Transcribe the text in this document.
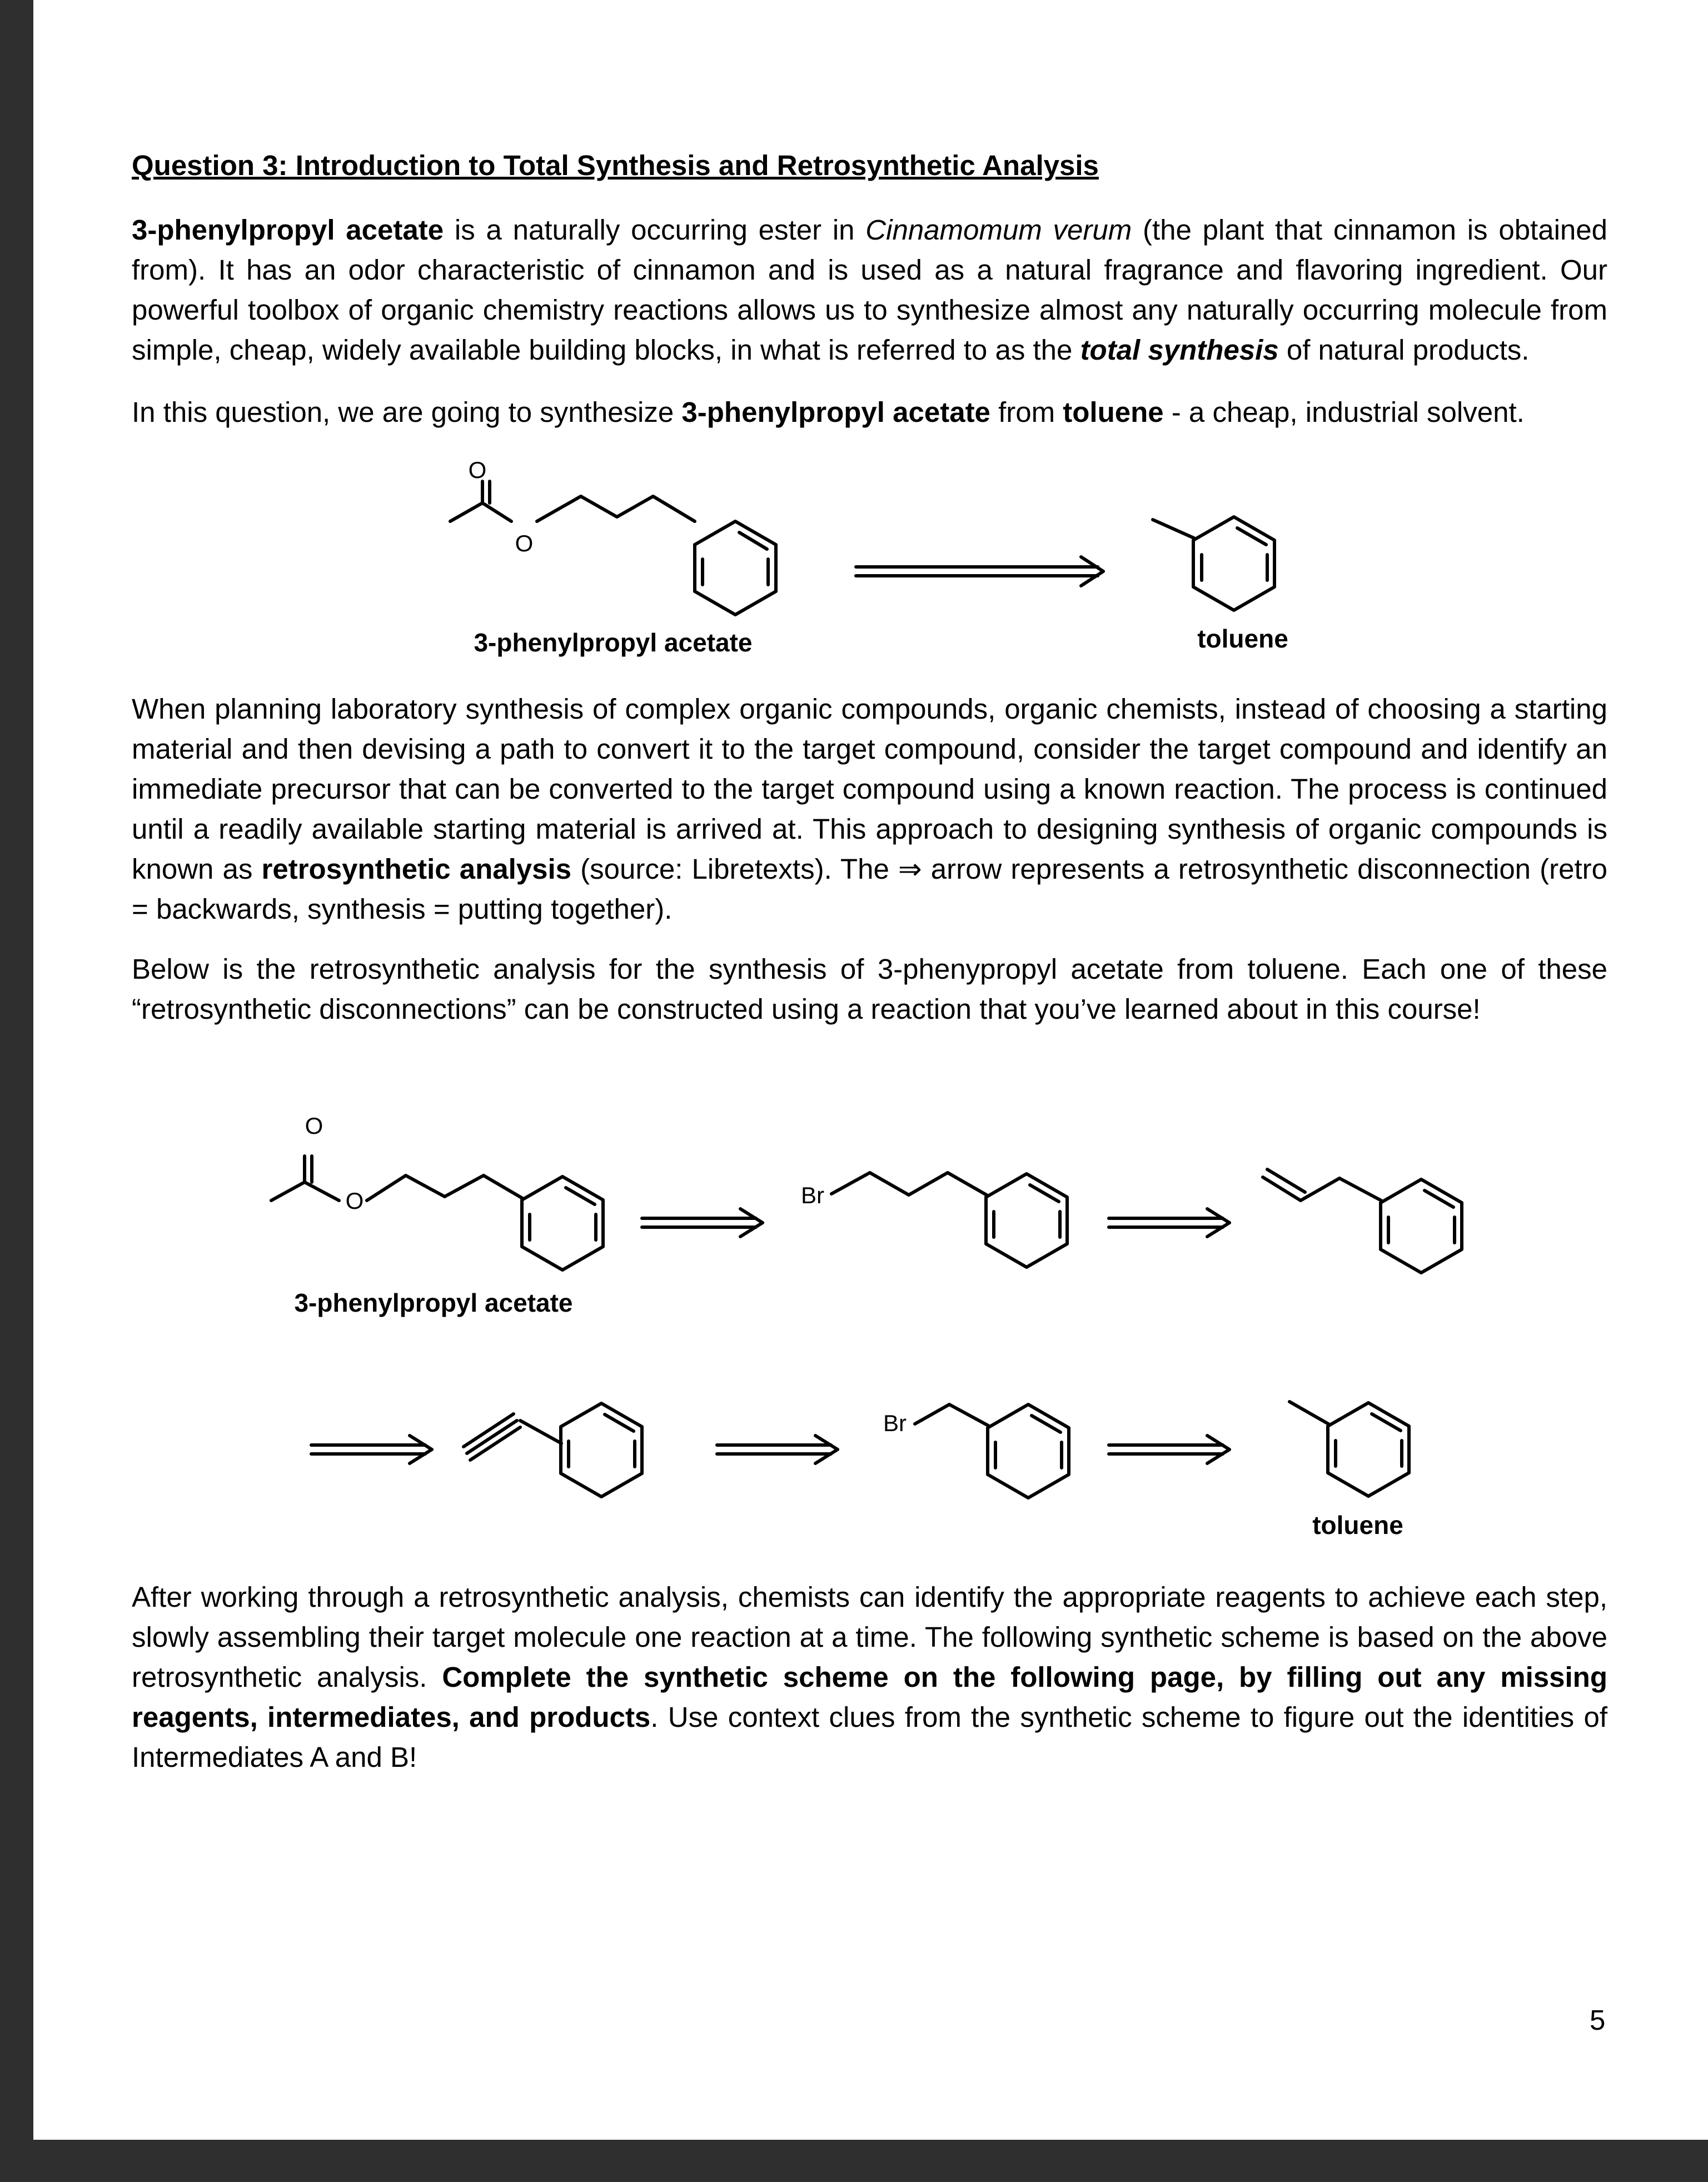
Question 3: Introduction to Total Synthesis and Retrosynthetic Analysis

3-phenylpropyl acetate is a naturally occurring ester in Cinnamomum verum (the plant that cinnamon is obtained from). It has an odor characteristic of cinnamon and is used as a natural fragrance and flavoring ingredient. Our powerful toolbox of organic chemistry reactions allows us to synthesize almost any naturally occurring molecule from simple, cheap, widely available building blocks, in what is referred to as the total synthesis of natural products.

In this question, we are going to synthesize 3-phenylpropyl acetate from toluene - a cheap, industrial solvent.

When planning laboratory synthesis of complex organic compounds, organic chemists, instead of choosing a starting material and then devising a path to convert it to the target compound, consider the target compound and identify an immediate precursor that can be converted to the target compound using a known reaction. The process is continued until a readily available starting material is arrived at. This approach to designing synthesis of organic compounds is known as retrosynthetic analysis (source: Libretexts). The ⇒ arrow represents a retrosynthetic disconnection (retro = backwards, synthesis = putting together).

Below is the retrosynthetic analysis for the synthesis of 3-phenypropyl acetate from toluene. Each one of these “retrosynthetic disconnections” can be constructed using a reaction that you’ve learned about in this course!

After working through a retrosynthetic analysis, chemists can identify the appropriate reagents to achieve each step, slowly assembling their target molecule one reaction at a time. The following synthetic scheme is based on the above retrosynthetic analysis. Complete the synthetic scheme on the following page, by filling out any missing reagents, intermediates, and products. Use context clues from the synthetic scheme to figure out the identities of Intermediates A and B!

5
O
O
3-phenylpropyl acetate	toluene
O
O
3-phenylpropyl acetate
Br
Br
toluene
